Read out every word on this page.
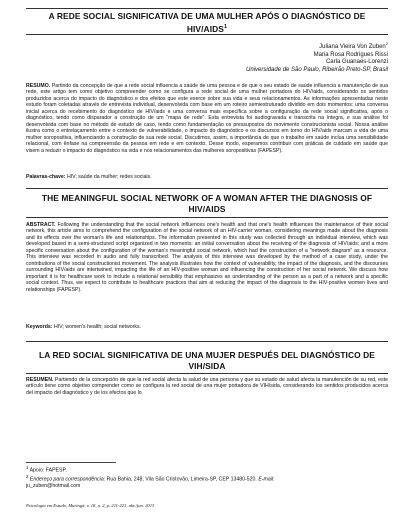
A REDE SOCIAL SIGNIFICATIVA DE UMA MULHER APÓS O DIAGNÓSTICO DE
HIV/AIDS$^1$
Juliana Vieira Von Zuben$^2$
Maria Rosa Rodrigues Rissi
Carla Guanaes-Lorenzi
Universidade de São Paulo, Ribeirão Preto-SP, Brasil
RESUMO. Partindo da concepção de que a rede social influencia a saúde de uma pessoa e de que o seu estado de saúde influencia a manutenção de sua rede, este artigo tem como objetivo compreender como se configura a rede social de uma mulher portadora do HIV/aids, considerando os sentidos produzidos acerca do impacto do diagnóstico e dos efeitos que este exerce sobre sua vida e seus relacionamentos. As informações apresentadas neste estudo foram coletadas através de entrevista individual, desenvolvida com base em um roteiro semiestruturado dividido em dois momentos: uma conversa inicial acerca do recebimento do diagnóstico de HIV/aids e uma conversa mais específica sobre a configuração da rede social significativa, após o diagnóstico, tendo como disparador a construção de um "mapa de rede". Esta entrevista foi audiogravada e transcrita na íntegra, e sua análise foi desenvolvida com base no método de estudo de caso, tendo como fundamentação os pressupostos do movimento construcionista social. Nossa análise ilustra como o entrelaçamento entre o contexto de vulnerabilidade, o impacto do diagnóstico e os discursos em torno do HIV/aids marcam a vida de uma mulher soropositiva, influenciando a construção de sua rede social. Discutimos, assim, a importância de que o trabalho em saúde inclua uma sensibilidade relacional, com ênfase na compreensão da pessoa em rede e em contexto. Desse modo, esperamos contribuir com práticas de cuidado em saúde que visem a reduzir o impacto do diagnóstico na vida e nos relacionamentos das mulheres soropositivas (FAPESP).
Palavras-chave: HIV; saúde da mulher; redes sociais.
THE MEANINGFUL SOCIAL NETWORK OF A WOMAN AFTER THE DIAGNOSIS OF
HIV/AIDS
ABSTRACT. Following the understanding that the social network influences one's health and that one's health influences the maintenance of their social network, this article aims to comprehend the configuration of the social network of an HIV-carrier woman, considering meanings made about the diagnosis and its effects over the woman's life and relationships. The information presented in this study was collected through an individual interview, which was developed based in a semi-structured script organized in two moments: an initial conversation about the receiving of the diagnosis of HIV/aids; and a more specific conversation about the configuration of the woman's meaningful social network, which had the construction of a "network diagram" as a resource. This interview was recorded in audio and fully transcribed. The analysis of this interview was developed by the method of a case study, under the contributions of the social constructionist movement. The analysis illustrates how the context of vulnerability, the impact of the diagnosis, and the discourses surrounding HIV/aids are intertwined, impacting the life of an HIV-positive woman and influencing the construction of her social network. We discuss how important it is for healthcare work to include a relational sensibility that emphasizes an understanding of the person as a part of a network and a specific social context. Thus, we expect to contribute to healthcare practices that aim at reducing the impact of the diagnosis to the HIV-positive women lives and relationships (FAPESP).
Keywords: HIV; women's health; social networks.
LA RED SOCIAL SIGNIFICATIVA DE UNA MUJER DESPUÉS DEL DIAGNÓSTICO DE
VIH/SIDA
RESUMEN. Partiendo de la concepción de que la red social afecta la salud de una persona y que su estado de salud afecta la manutención de su red, este artículo tiene como objetivo comprender como se configura la red social de una mujer portadora de VIH/sida, considerando los sentidos producidos acerca del impacto del diagnóstico y de los efectos que lo
$^1$ Apoio: FAPESP.
$^2$ Endereço para correspondência: Rua Bahia, 248, Vila São Cristovão, Limeira-SP, CEP 13480-520. E-mail:
ju_zuben@hotmail.com
Psicologia em Estudo, Maringá, v. 18, n. 2, p. 211-221, abr./jun. 2013
